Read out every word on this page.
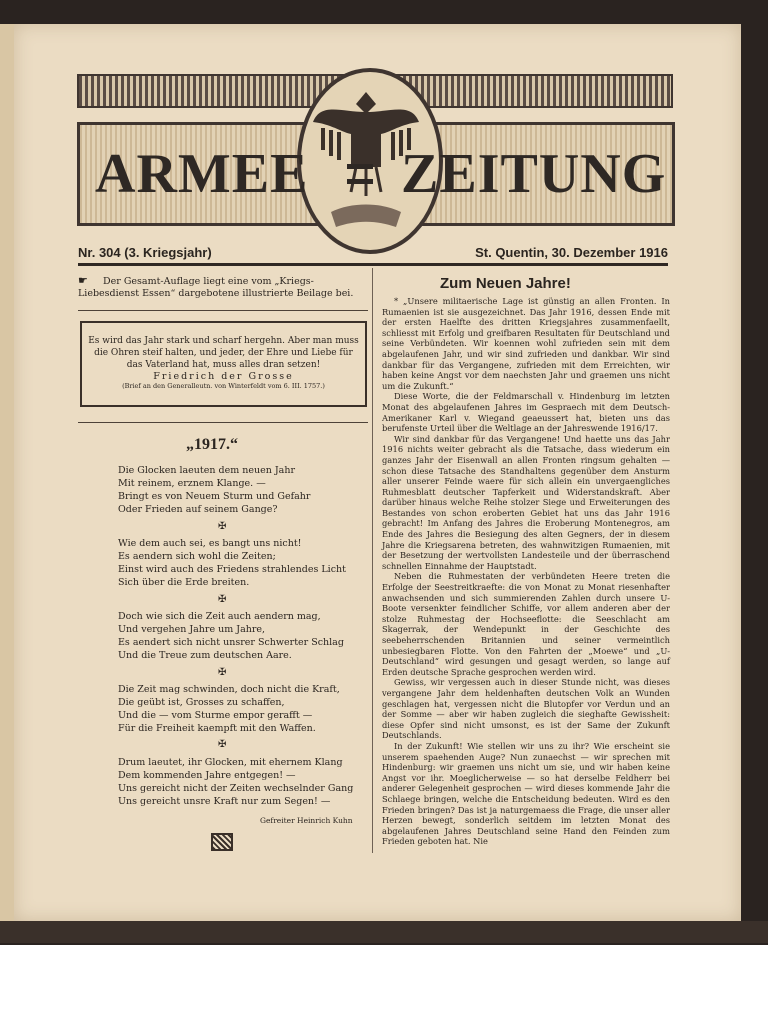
ARMEE ZEITUNG
Nr. 304 (3. Kriegsjahr)	St. Quentin, 30. Dezember 1916
☛ Der Gesamt-Auflage liegt eine vom „Kriegs-Liebesdienst Essen“ dargebotene illustrierte Beilage bei.
Es wird das Jahr stark und scharf hergehn. Aber man muss die Ohren steif halten, und jeder, der Ehre und Liebe für das Vaterland hat, muss alles dran setzen!
Friedrich der Grosse
(Brief an den Generalleutn. von Winterfeldt vom 6. III. 1757.)
„1917.“
Die Glocken laeuten dem neuen Jahr
Mit reinem, erznem Klange. —
Bringt es von Neuem Sturm und Gefahr
Oder Frieden auf seinem Gange?
✠
Wie dem auch sei, es bangt uns nicht!
Es aendern sich wohl die Zeiten;
Einst wird auch des Friedens strahlendes Licht
Sich über die Erde breiten.
✠
Doch wie sich die Zeit auch aendern mag,
Und vergehen Jahre um Jahre,
Es aendert sich nicht unsrer Schwerter Schlag
Und die Treue zum deutschen Aare.
✠
Die Zeit mag schwinden, doch nicht die Kraft,
Die geübt ist, Grosses zu schaffen,
Und die — vom Sturme empor gerafft —
Für die Freiheit kaempft mit den Waffen.
✠
Drum laeutet, ihr Glocken, mit ehernem Klang
Dem kommenden Jahre entgegen! —
Uns gereicht nicht der Zeiten wechselnder Gang
Uns gereicht unsre Kraft nur zum Segen! —
Gefreiter Heinrich Kuhn
Zum Neuen Jahre!

* „Unsere militaerische Lage ist günstig an allen Fronten. In Rumaenien ist sie ausgezeichnet. Das Jahr 1916, dessen Ende mit der ersten Haelfte des dritten Kriegsjahres zusammenfaellt, schliesst mit Erfolg und greifbaren Resultaten für Deutschland und seine Verbündeten. Wir koennen wohl zufrieden sein mit dem abgelaufenen Jahr, und wir sind zufrieden und dankbar. Wir sind dankbar für das Vergangene, zufrieden mit dem Erreichten, wir haben keine Angst vor dem naechsten Jahr und graemen uns nicht um die Zukunft.“

Diese Worte, die der Feldmarschall v. Hindenburg im letzten Monat des abgelaufenen Jahres im Gespraech mit dem Deutsch-Amerikaner Karl v. Wiegand geaeussert hat, bieten uns das berufenste Urteil über die Weltlage an der Jahreswende 1916/17.

Wir sind dankbar für das Vergangene! Und haette uns das Jahr 1916 nichts weiter gebracht als die Tatsache, dass wiederum ein ganzes Jahr der Eisenwall an allen Fronten ringsum gehalten — schon diese Tatsache des Standhaltens gegenüber dem Ansturm aller unserer Feinde waere für sich allein ein unvergaengliches Ruhmesblatt deutscher Tapferkeit und Widerstandskraft. Aber darüber hinaus welche Reihe stolzer Siege und Erweiterungen des Bestandes von schon eroberten Gebiet hat uns das Jahr 1916 gebracht! Im Anfang des Jahres die Eroberung Montenegros, am Ende des Jahres die Besiegung des alten Gegners, der in diesem Jahre die Kriegsarena betreten, des wahnwitzigen Rumaenien, mit der Besetzung der wertvollsten Landesteile und der überraschend schnellen Einnahme der Hauptstadt.

Neben die Ruhmestaten der verbündeten Heere treten die Erfolge der Seestreitkraefte: die von Monat zu Monat riesenhafter anwachsenden und sich summierenden Zahlen durch unsere U-Boote versenkter feindlicher Schiffe, vor allem anderen aber der stolze Ruhmestag der Hochseeflotte: die Seeschlacht am Skagerrak, der Wendepunkt in der Geschichte des seebeherrschenden Britannien und seiner vermeintlich unbesiegbaren Flotte. Von den Fahrten der „Moewe“ und „U-Deutschland“ wird gesungen und gesagt werden, so lange auf Erden deutsche Sprache gesprochen werden wird.

Gewiss, wir vergessen auch in dieser Stunde nicht, was dieses vergangene Jahr dem heldenhaften deutschen Volk an Wunden geschlagen hat, vergessen nicht die Blutopfer vor Verdun und an der Somme — aber wir haben zugleich die sieghafte Gewissheit: diese Opfer sind nicht umsonst, es ist der Same der Zukunft Deutschlands.

In der Zukunft! Wie stellen wir uns zu ihr? Wie erscheint sie unserem spaehenden Auge? Nun zunaechst — wir sprechen mit Hindenburg: wir graemen uns nicht um sie, und wir haben keine Angst vor ihr. Moeglicherweise — so hat derselbe Feldherr bei anderer Gelegenheit gesprochen — wird dieses kommende Jahr die Schlaege bringen, welche die Entscheidung bedeuten. Wird es den Frieden bringen? Das ist ja naturgemaess die Frage, die unser aller Herzen bewegt, sonderlich seitdem im letzten Monat des abgelaufenen Jahres Deutschland seine Hand den Feinden zum Frieden geboten hat. Nie
